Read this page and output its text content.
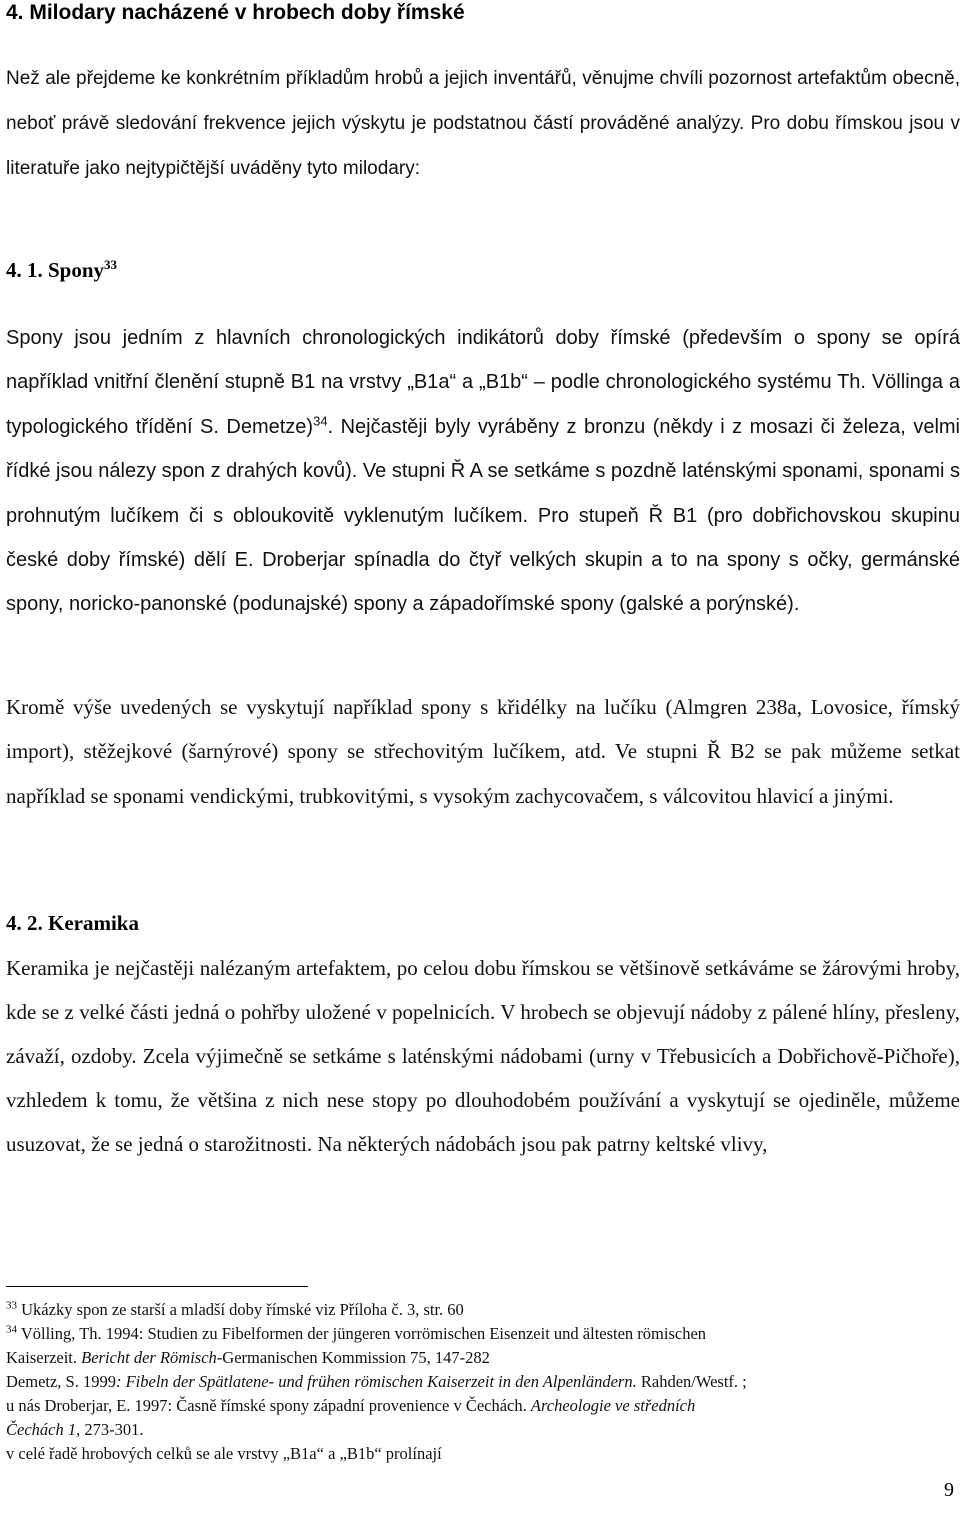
4. Milodary nacházené v hrobech doby římské

Než ale přejdeme ke konkrétním příkladům hrobů a jejich inventářů, věnujme chvíli pozornost artefaktům obecně, neboť právě sledování frekvence jejich výskytu je podstatnou částí prováděné analýzy. Pro dobu římskou jsou v literatuře jako nejtypičtější uváděny tyto milodary:

4. 1. Spony$^{33}$

Spony jsou jedním z hlavních chronologických indikátorů doby římské (především o spony se opírá například vnitřní členění stupně B1 na vrstvy „B1a“ a „B1b“ – podle chronologického systému Th. Völlinga a typologického třídění S. Demetze)$^{34}$. Nejčastěji byly vyráběny z bronzu (někdy i z mosazi či železa, velmi řídké jsou nálezy spon z drahých kovů). Ve stupni Ř A se setkáme s pozdně laténskými sponami, sponami s prohnutým lučíkem či s obloukovitě vyklenutým lučíkem. Pro stupeň Ř B1 (pro dobřichovskou skupinu české doby římské) dělí E. Droberjar spínadla do čtyř velkých skupin a to na spony s očky, germánské spony, noricko-panonské (podunajské) spony a západořímské spony (galské a porýnské).

Kromě výše uvedených se vyskytují například spony s křidélky na lučíku (Almgren 238a, Lovosice, římský import), stěžejkové (šarnýrové) spony se střechovitým lučíkem, atd. Ve stupni Ř B2 se pak můžeme setkat například se sponami vendickými, trubkovitými, s vysokým zachycovačem, s válcovitou hlavicí a jinými.

4. 2. Keramika

Keramika je nejčastěji nalézaným artefaktem, po celou dobu římskou se většinově setkáváme se žárovými hroby, kde se z velké části jedná o pohřby uložené v popelnicích. V hrobech se objevují nádoby z pálené hlíny, přesleny, závaží, ozdoby. Zcela výjimečně se setkáme s laténskými nádobami (urny v Třebusicích a Dobřichově-Pičhoře), vzhledem k tomu, že většina z nich nese stopy po dlouhodobém používání a vyskytují se ojediněle, můžeme usuzovat, že se jedná o starožitnosti. Na některých nádobách jsou pak patrny keltské vlivy,

$^{33}$ Ukázky spon ze starší a mladší doby římské viz Příloha č. 3, str. 60
$^{34}$ Völling, Th. 1994: Studien zu Fibelformen der jüngeren vorrömischen Eisenzeit und ältesten römischen
Kaiserzeit. Bericht der Römisch-Germanischen Kommission 75, 147-282
Demetz, S. 1999: Fibeln der Spätlatene- und frühen römischen Kaiserzeit in den Alpenländern. Rahden/Westf. ;
u nás Droberjar, E. 1997: Časně římské spony západní provenience v Čechách. Archeologie ve středních
Čechách 1, 273-301.
v celé řadě hrobových celků se ale vrstvy „B1a“ a „B1b“ prolínají
9
